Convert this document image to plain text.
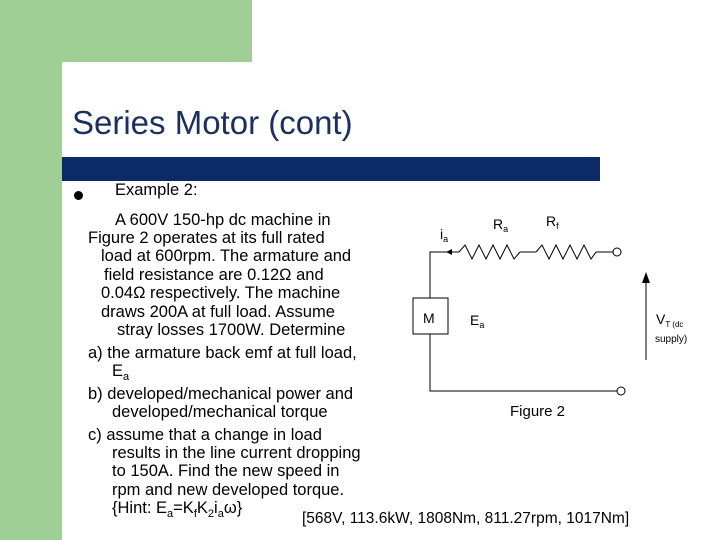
Series Motor (cont)
Example 2:
A 600V 150-hp dc machine in
Figure 2 operates at its full rated
load at 600rpm. The armature and
field resistance are 0.12Ω and
0.04Ω respectively. The machine
draws 200A at full load. Assume
stray losses 1700W. Determine
a) the armature back emf at full load,
$E_a$
b) developed/mechanical power and
developed/mechanical torque
c) assume that a change in load
results in the line current dropping
to 150A. Find the new speed in
rpm and new developed torque.
{Hint: $E_a=K_fK_2i_a\omega$}
[568V, 113.6kW, 1808Nm, 811.27rpm, 1017Nm]
$i_a$
$R_a$	$R_f$
M	$E_a$	$V_{T (dc}$
supply)
Figure 2
